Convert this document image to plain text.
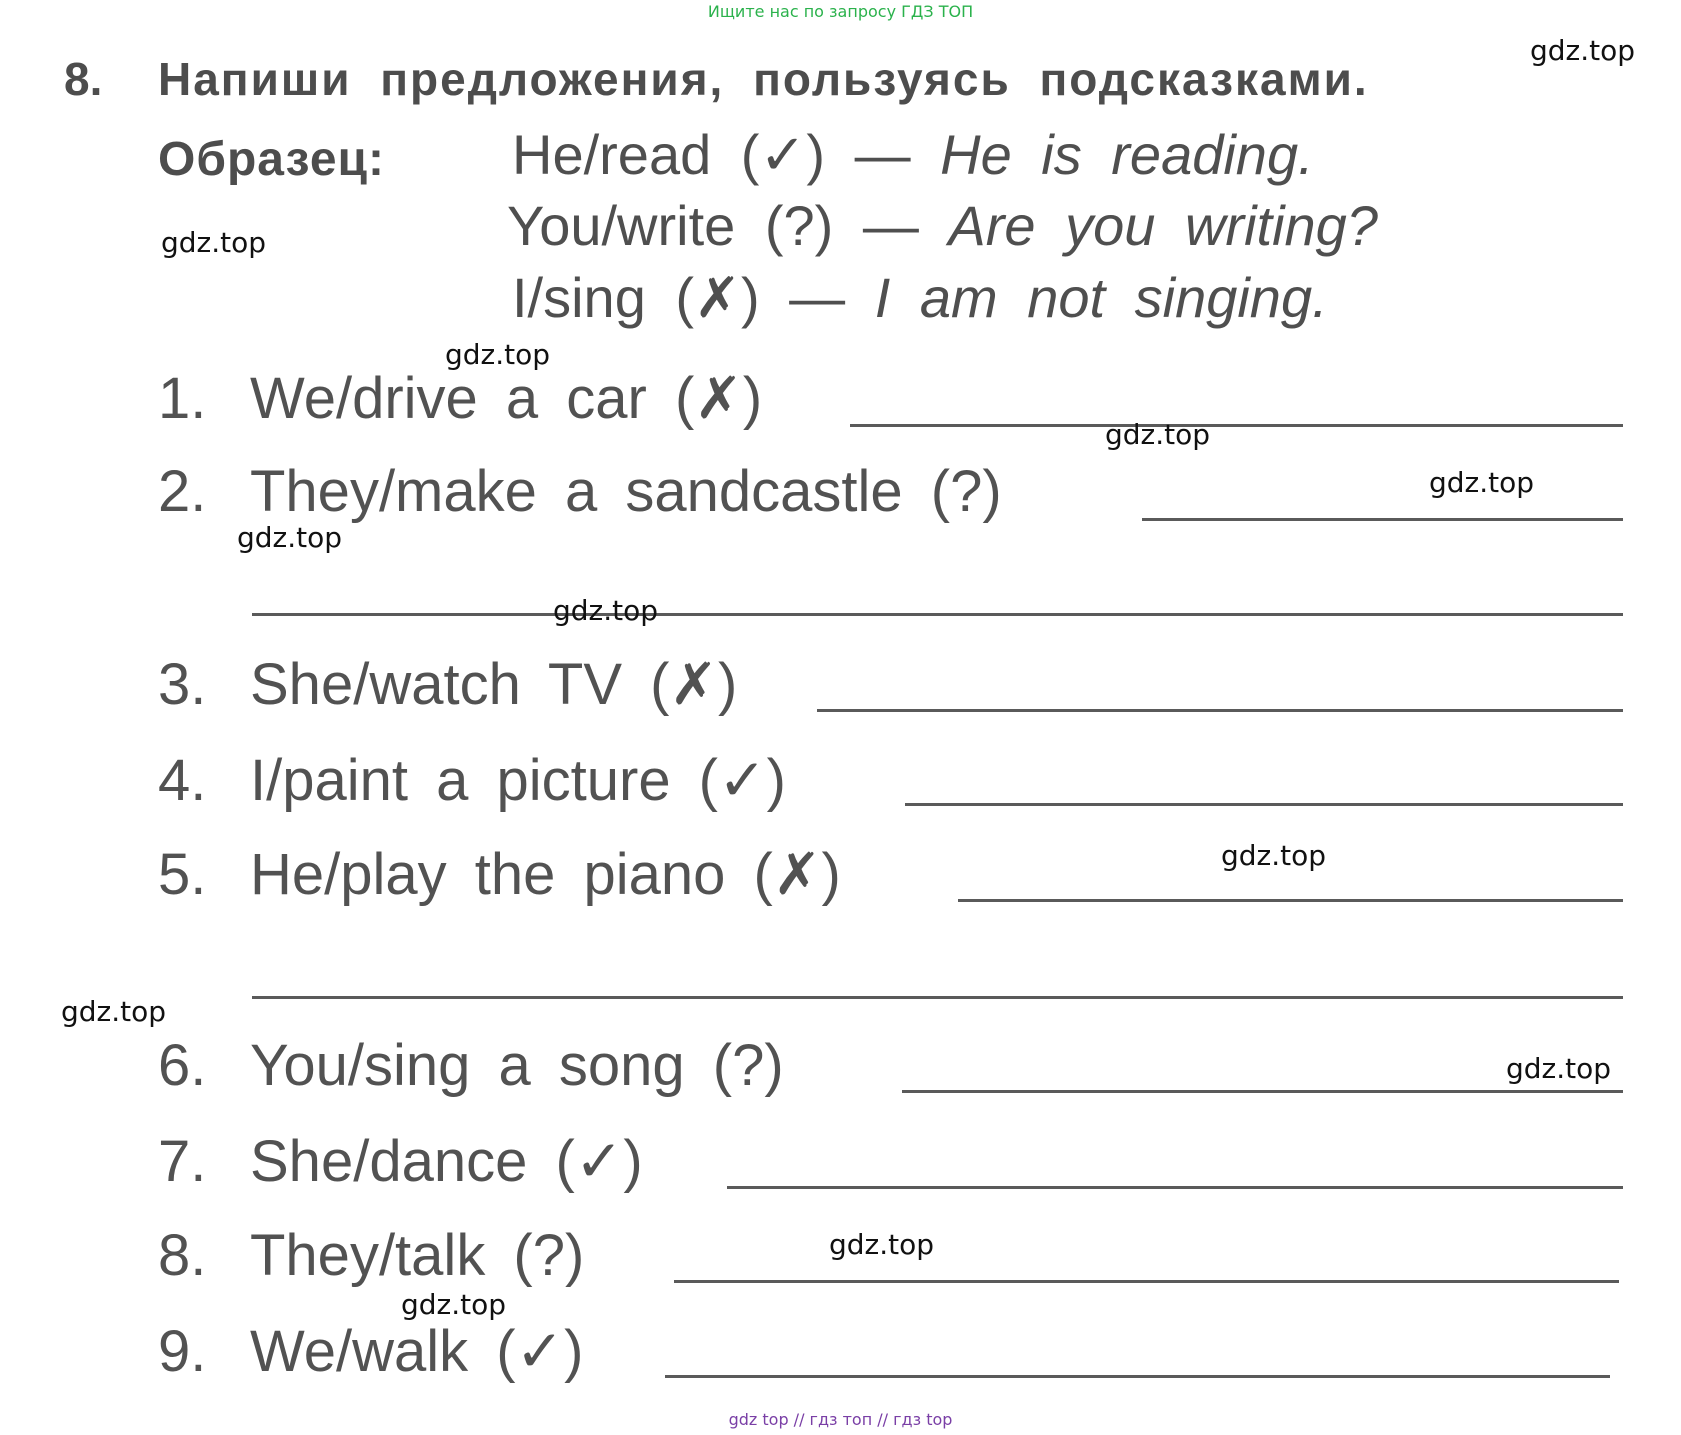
Ищите нас по запросу ГДЗ ТОП
8. Напиши предложения, пользуясь подсказками.
Образец: He/read (✓) — He is reading.
You/write (?) — Are you writing?
I/sing (✗) — I am not singing.
1. We/drive a car (✗)
2. They/make a sandcastle (?)
3. She/watch TV (✗)
4. I/paint a picture (✓)
5. He/play the piano (✗)
6. You/sing a song (?)
7. She/dance (✓)
8. They/talk (?)
9. We/walk (✓)
gdz.top
gdz.top
gdz.top
gdz.top
gdz.top
gdz.top
gdz.top
gdz.top
gdz.top
gdz.top
gdz.top
gdz.top
gdz top // гдз топ // гдз top
